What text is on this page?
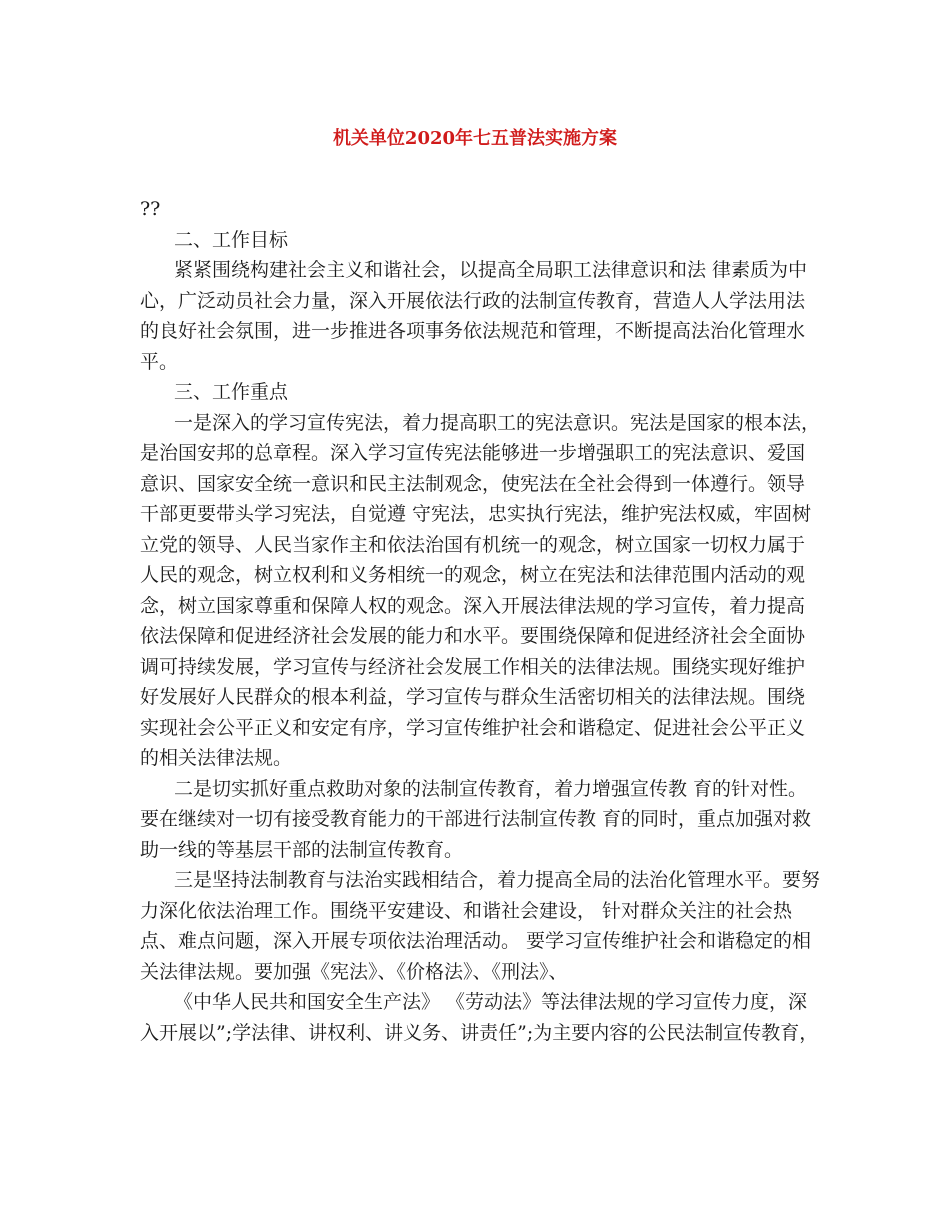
机关单位2020年七五普法实施方案

??

二、工作目标

紧紧围绕构建社会主义和谐社会，以提高全局职工法律意识和法 律素质为中心，广泛动员社会力量，深入开展依法行政的法制宣传教育，营造人人学法用法的良好社会氛围，进一步推进各项事务依法规范和管理，不断提高法治化管理水平。

三、工作重点

一是深入的学习宣传宪法，着力提高职工的宪法意识。宪法是国家的根本法，是治国安邦的总章程。深入学习宣传宪法能够进一步增强职工的宪法意识、爱国意识、国家安全统一意识和民主法制观念，使宪法在全社会得到一体遵行。领导干部更要带头学习宪法，自觉遵 守宪法，忠实执行宪法，维护宪法权威，牢固树立党的领导、人民当家作主和依法治国有机统一的观念，树立国家一切权力属于人民的观念，树立权利和义务相统一的观念，树立在宪法和法律范围内活动的观念，树立国家尊重和保障人权的观念。深入开展法律法规的学习宣传，着力提高依法保障和促进经济社会发展的能力和水平。要围绕保障和促进经济社会全面协调可持续发展，学习宣传与经济社会发展工作相关的法律法规。围绕实现好维护好发展好人民群众的根本利益，学习宣传与群众生活密切相关的法律法规。围绕实现社会公平正义和安定有序，学习宣传维护社会和谐稳定、促进社会公平正义的相关法律法规。

二是切实抓好重点救助对象的法制宣传教育，着力增强宣传教 育的针对性。要在继续对一切有接受教育能力的干部进行法制宣传教 育的同时，重点加强对救助一线的等基层干部的法制宣传教育。

三是坚持法制教育与法治实践相结合，着力提高全局的法治化管理水平。要努力深化依法治理工作。围绕平安建设、和谐社会建设， 针对群众关注的社会热点、难点问题，深入开展专项依法治理活动。 要学习宣传维护社会和谐稳定的相关法律法规。要加强《宪法》、《价格法》、《刑法》、

《中华人民共和国安全生产法》 《劳动法》等法律法规的学习宣传力度，深入开展以”;学法律、讲权利、讲义务、讲责任”;为主要内容的公民法制宣传教育，
